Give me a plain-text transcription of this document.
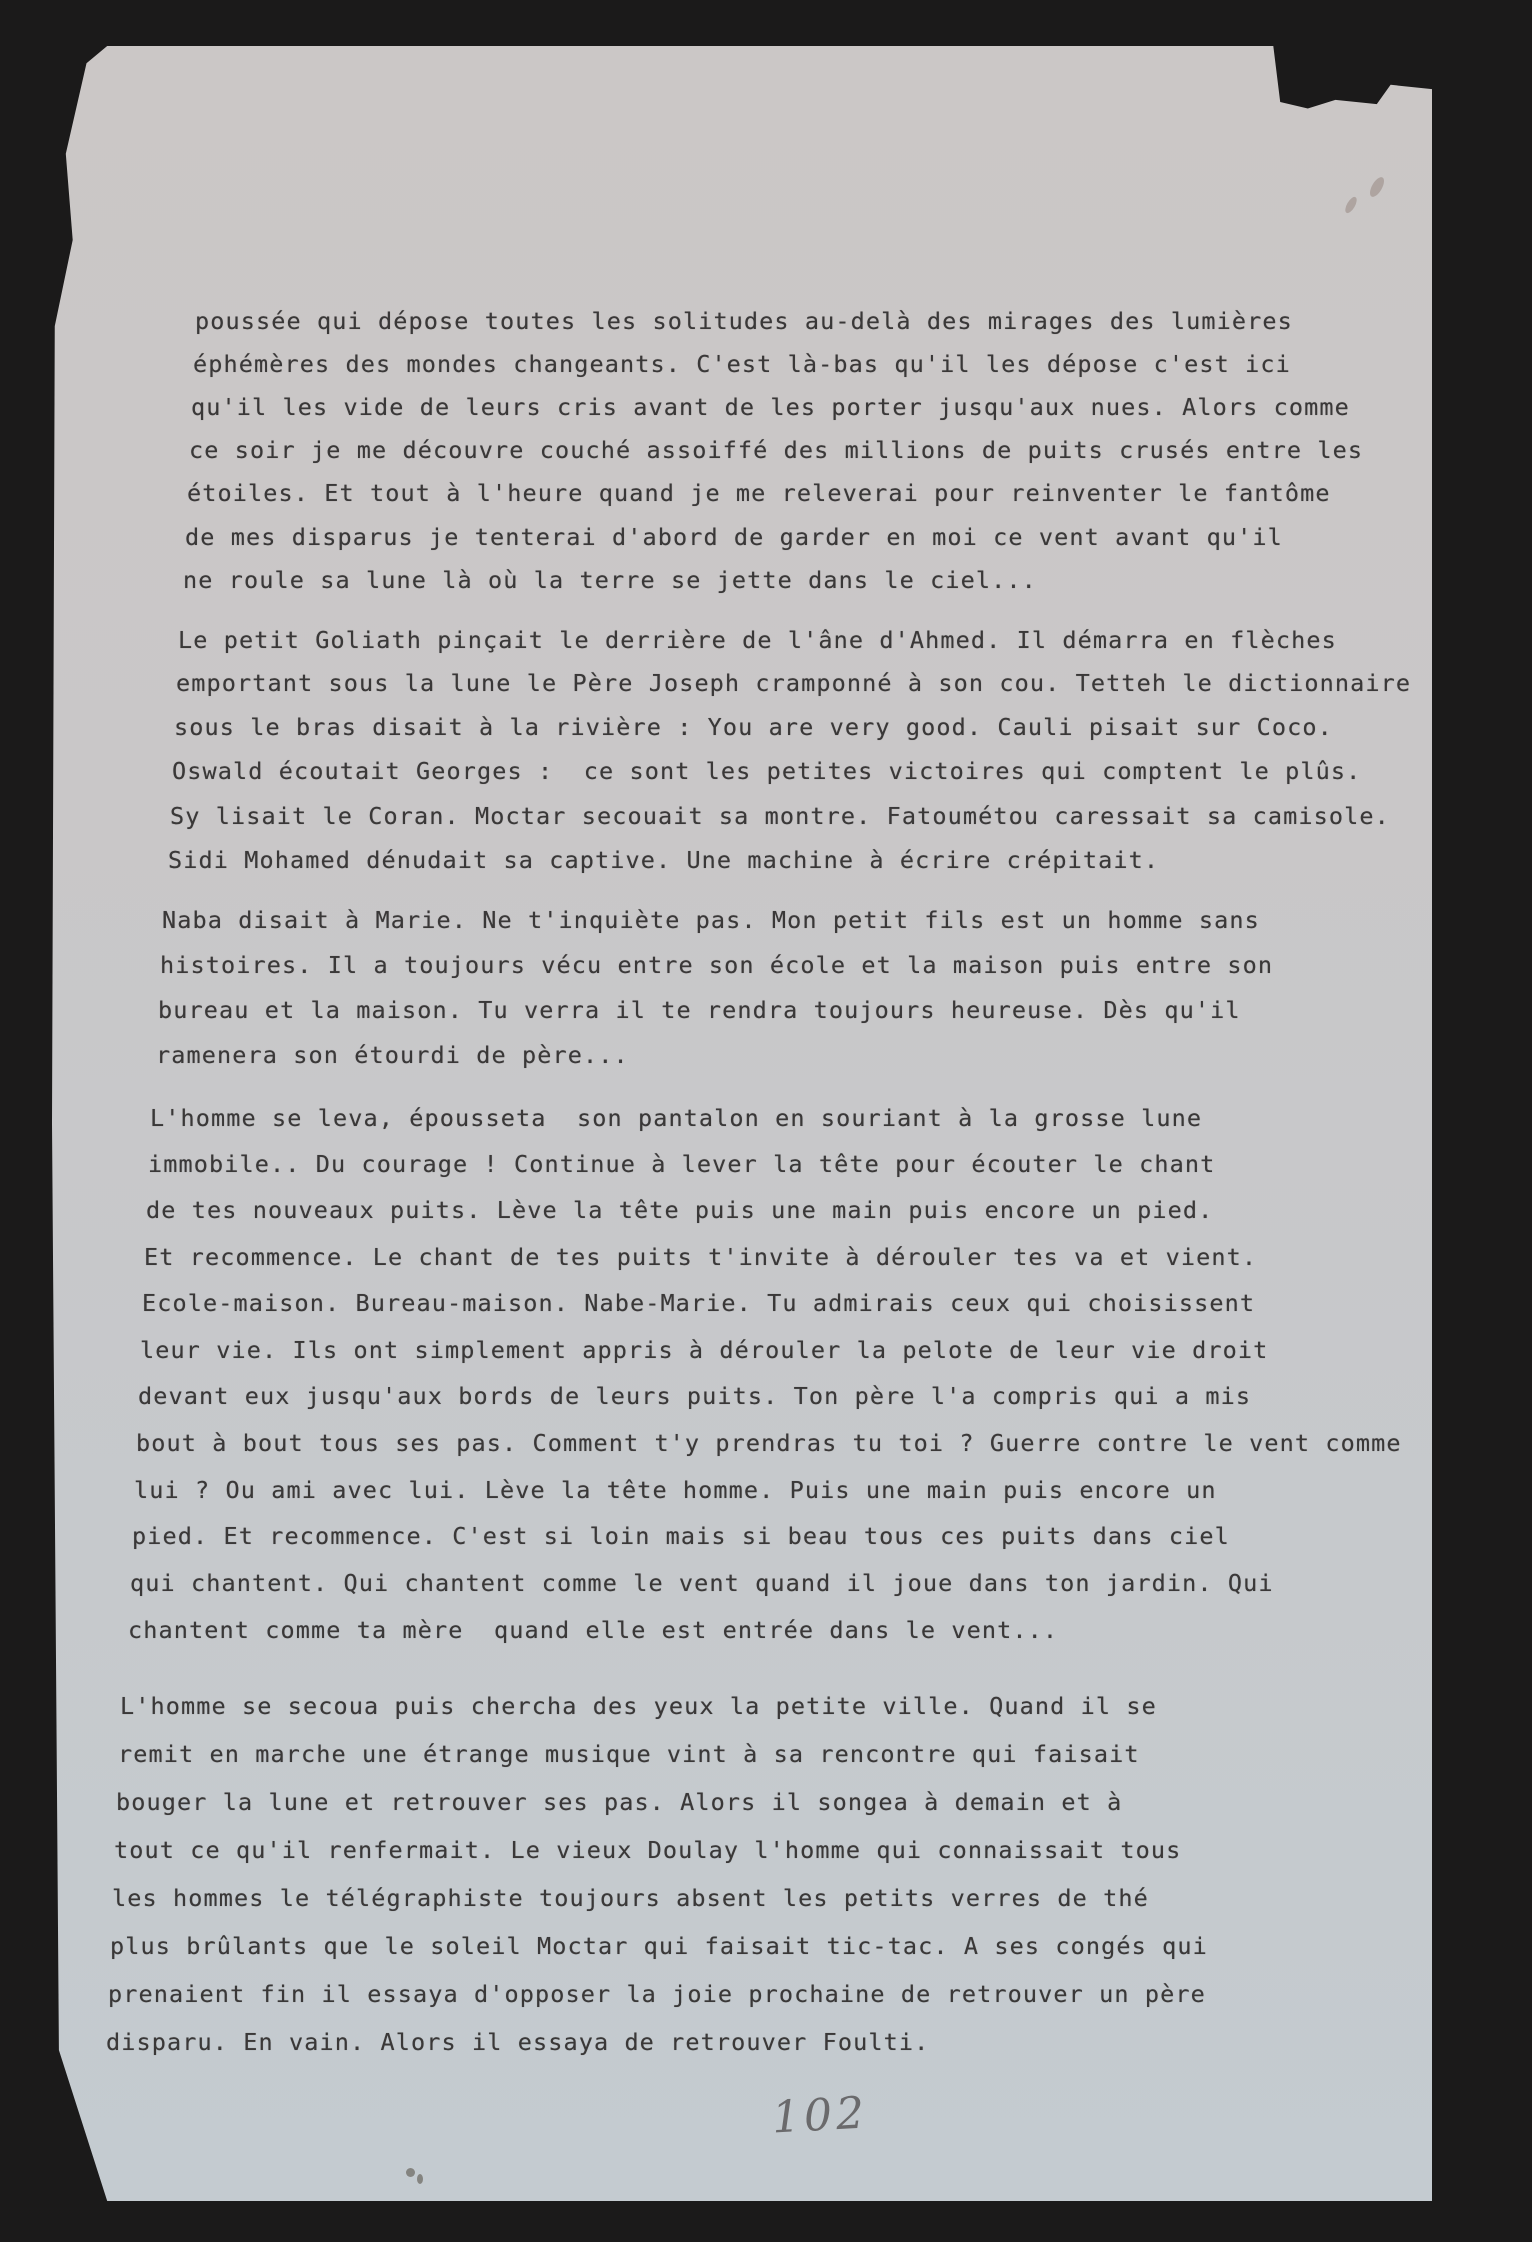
poussée qui dépose toutes les solitudes au-delà des mirages des lumières

éphémères des mondes changeants. C'est là-bas qu'il les dépose c'est ici

qu'il les vide de leurs cris avant de les porter jusqu'aux nues. Alors comme

ce soir je me découvre couché assoiffé des millions de puits crusés entre les

étoiles. Et tout à l'heure quand je me releverai pour reinventer le fantôme

de mes disparus je tenterai d'abord de garder en moi ce vent avant qu'il

ne roule sa lune là où la terre se jette dans le ciel...

Le petit Goliath pinçait le derrière de l'âne d'Ahmed. Il démarra en flèches

emportant sous la lune le Père Joseph cramponné à son cou. Tetteh le dictionnaire

sous le bras disait à la rivière : You are very good. Cauli pisait sur Coco.

Oswald écoutait Georges :  ce sont les petites victoires qui comptent le plûs.

Sy lisait le Coran. Moctar secouait sa montre. Fatoumétou caressait sa camisole.

Sidi Mohamed dénudait sa captive. Une machine à écrire crépitait.

Naba disait à Marie. Ne t'inquiète pas. Mon petit fils est un homme sans

histoires. Il a toujours vécu entre son école et la maison puis entre son

bureau et la maison. Tu verra il te rendra toujours heureuse. Dès qu'il

ramenera son étourdi de père...

L'homme se leva, épousseta  son pantalon en souriant à la grosse lune

immobile.. Du courage ! Continue à lever la tête pour écouter le chant

de tes nouveaux puits. Lève la tête puis une main puis encore un pied.

Et recommence. Le chant de tes puits t'invite à dérouler tes va et vient.

Ecole-maison. Bureau-maison. Nabe-Marie. Tu admirais ceux qui choisissent

leur vie. Ils ont simplement appris à dérouler la pelote de leur vie droit

devant eux jusqu'aux bords de leurs puits. Ton père l'a compris qui a mis

bout à bout tous ses pas. Comment t'y prendras tu toi ? Guerre contre le vent comme

lui ? Ou ami avec lui. Lève la tête homme. Puis une main puis encore un

pied. Et recommence. C'est si loin mais si beau tous ces puits dans ciel

qui chantent. Qui chantent comme le vent quand il joue dans ton jardin. Qui

chantent comme ta mère  quand elle est entrée dans le vent...

L'homme se secoua puis chercha des yeux la petite ville. Quand il se

remit en marche une étrange musique vint à sa rencontre qui faisait

bouger la lune et retrouver ses pas. Alors il songea à demain et à

tout ce qu'il renfermait. Le vieux Doulay l'homme qui connaissait tous

les hommes le télégraphiste toujours absent les petits verres de thé

plus brûlants que le soleil Moctar qui faisait tic-tac. A ses congés qui

prenaient fin il essaya d'opposer la joie prochaine de retrouver un père

disparu. En vain. Alors il essaya de retrouver Foulti.

102
